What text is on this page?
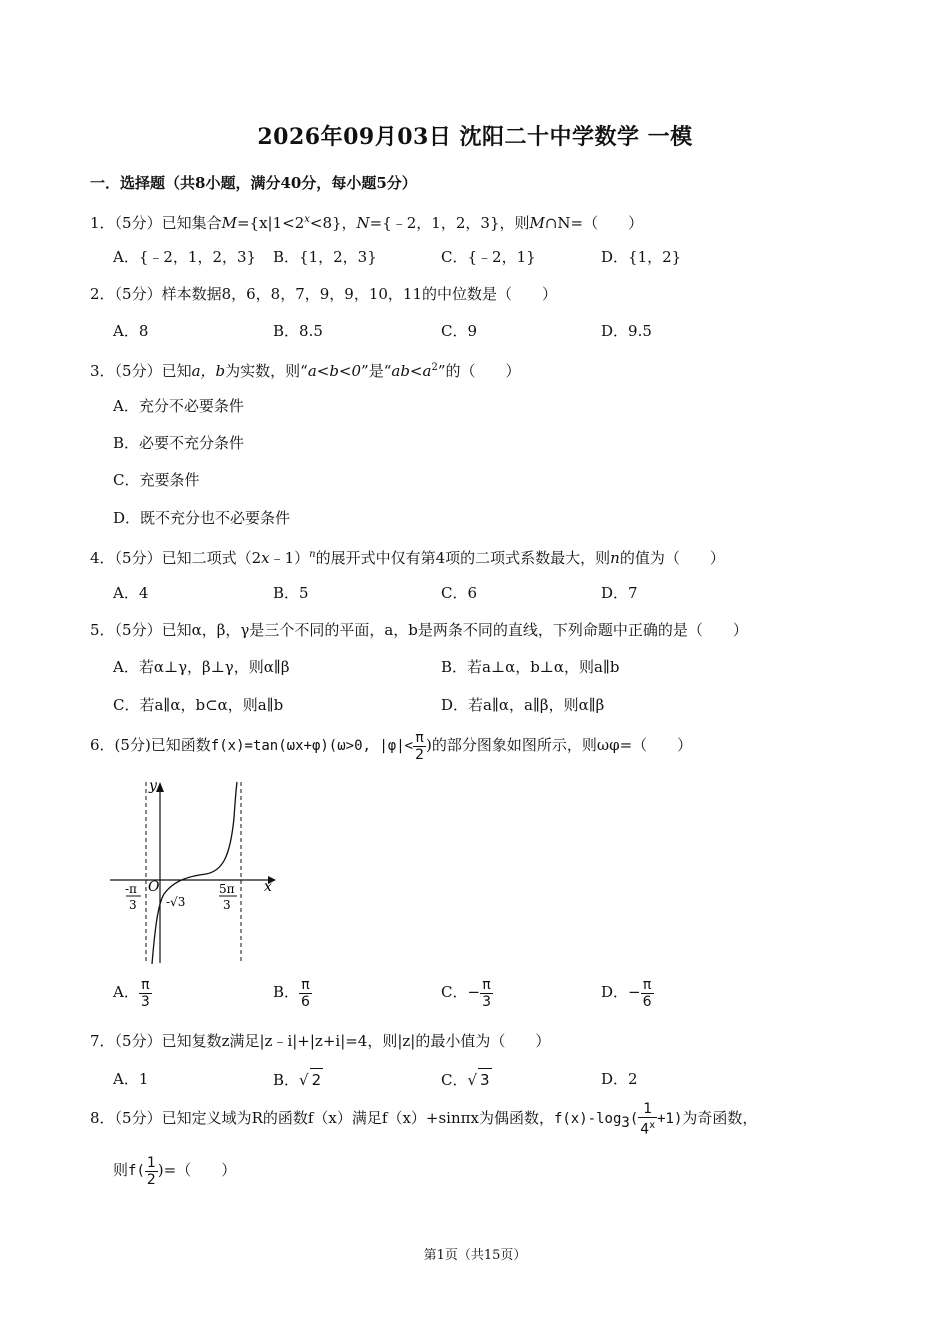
2026年09月03日 沈阳二十中学数学 一模
一．选择题（共8小题，满分40分，每小题5分）
1．（5分）已知集合$M=\{x|1<2^x<8\}$，N={﹣2，1，2，3}，则M∩N=（　　）
A．{﹣2，1，2，3} B．{1，2，3}	C．{﹣2，1}	D．{1，2}
2．（5分）样本数据8，6，8，7，9，9，10，11的中位数是（　　）
A．8	B．8.5	C．9	D．9.5
3．（5分）已知a，b为实数，则“a<b<0”是“$ab<a^2$”的（　　）
A．充分不必要条件
B．必要不充分条件
C．充要条件
D．既不充分也不必要条件
4．（5分）已知二项式（2x﹣1）$^n$的展开式中仅有第4项的二项式系数最大，则n的值为（　　）
A．4	B．5	C．6	D．7
5．（5分）已知α，β，γ是三个不同的平面，a，b是两条不同的直线，下列命题中正确的是（　　）
A．若α⊥γ，β⊥γ，则α∥β	B．若a⊥α，b⊥α，则a∥b
C．若a∥α，b⊂α，则a∥b	D．若a∥α，a∥β，则α∥β
6．(5分)已知函数f(x)=tan(ωx+φ)(ω>0, $|\varphi|< \frac{\pi}{2}$ )的部分图象如图所示，则ωφ=（　　）
y
x
O
-π
3
5π
3
-√3
A． $\frac{\pi}{3}$	B． $\frac{\pi}{6}$	C．− $\frac{\pi}{3}$	D．− $\frac{\pi}{6}$
7．（5分）已知复数z满足|z﹣i|+|z+i|=4，则|z|的最小值为（　　）
A．1	B．√ 2	C．√ 3	D．2
8．（5分）已知定义域为R的函数f（x）满足f（x）+sinπx为偶函数，$f(x)-\log_3( \frac{1}{4^x} +1)$为奇函数，
则$f( \frac{1}{2}$ )=（　　）
第1页（共15页）
